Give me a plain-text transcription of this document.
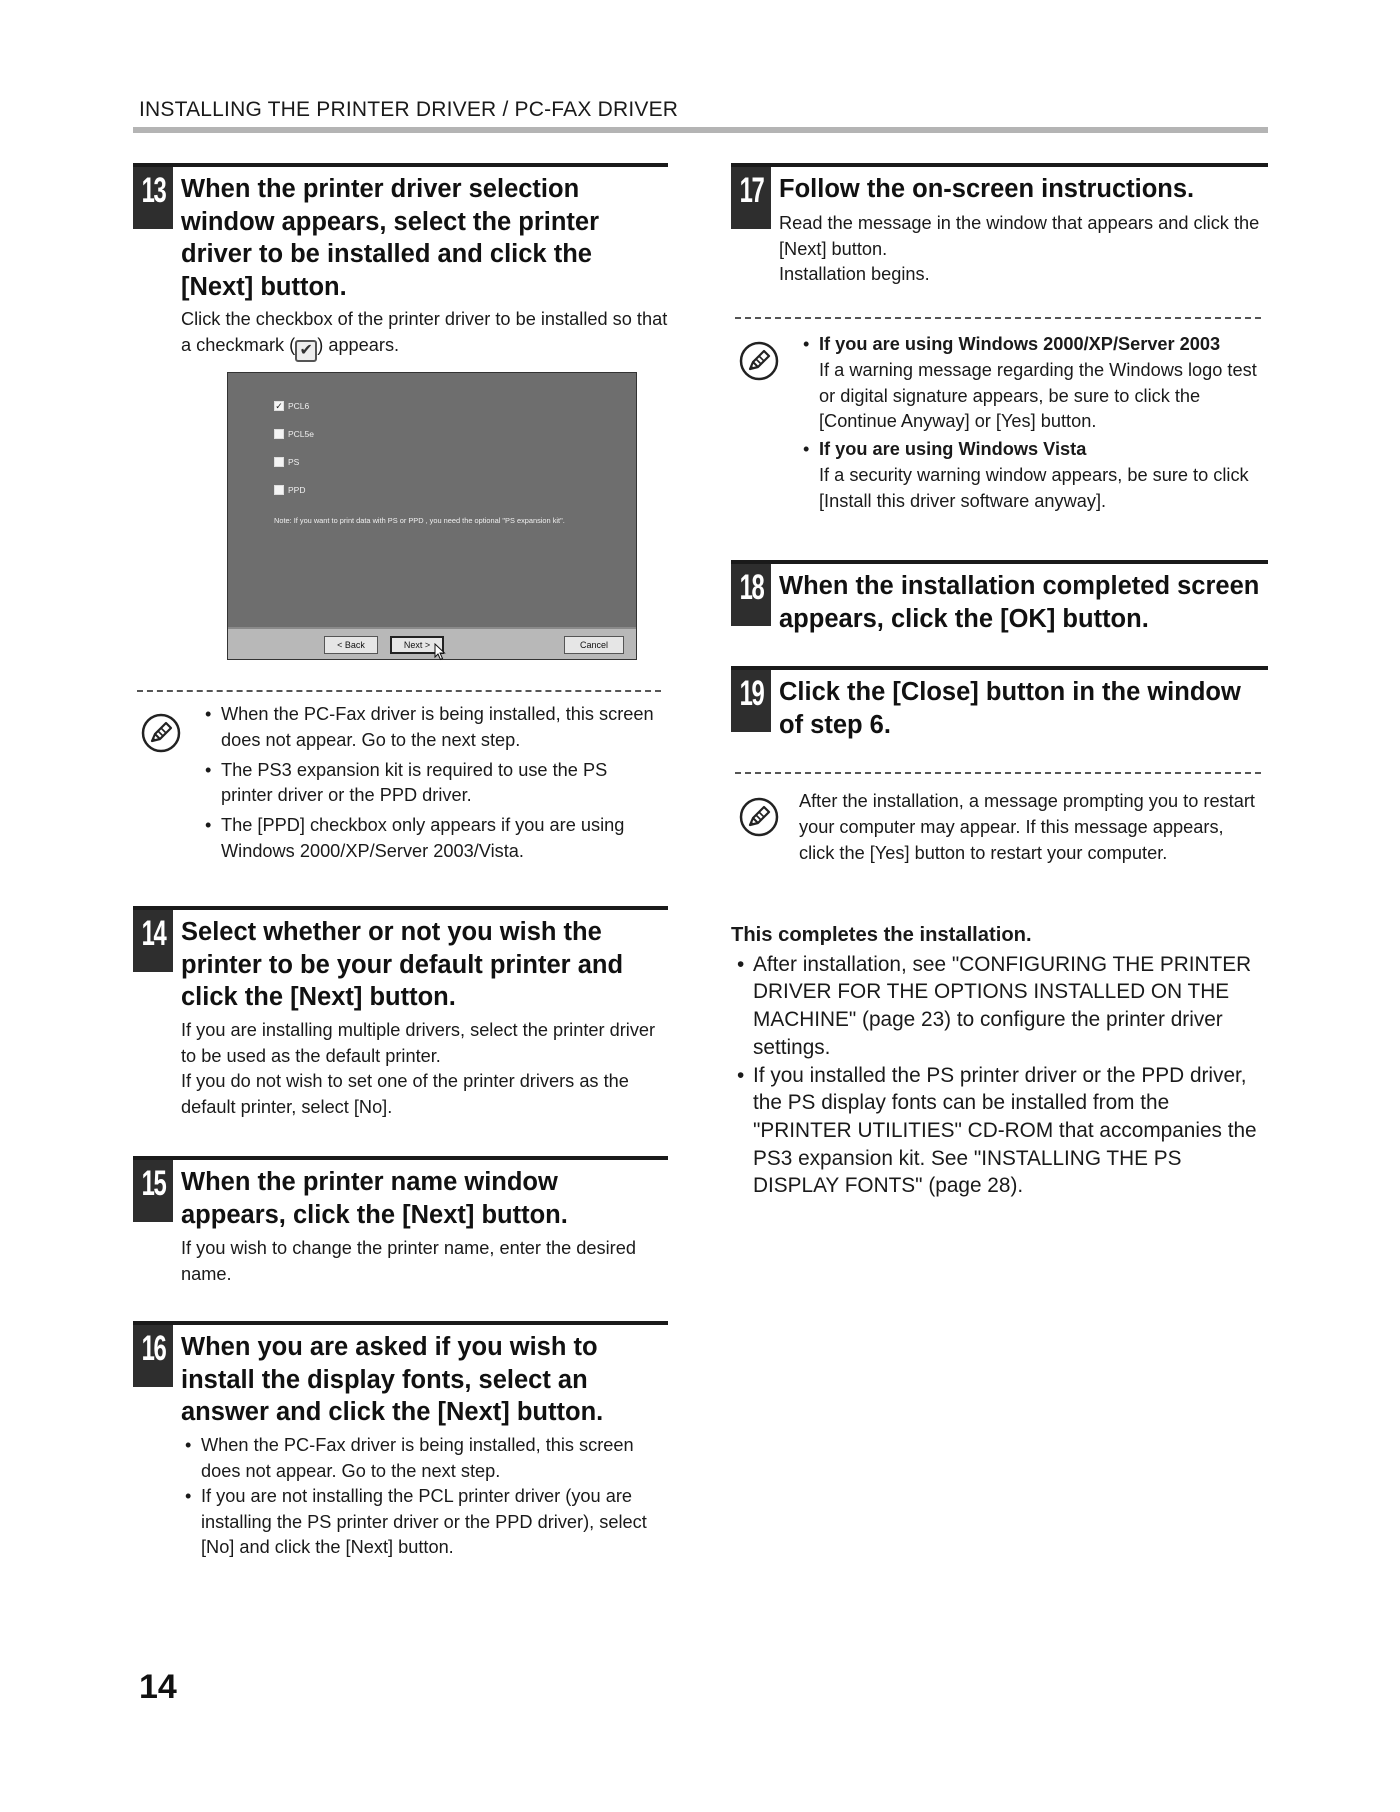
INSTALLING THE PRINTER DRIVER / PC-FAX DRIVER
13 When the printer driver selection window appears, select the printer driver to be installed and click the [Next] button.
Click the checkbox of the printer driver to be installed so that a checkmark ( ✔ ) appears.
✓ PCL6
PCL5e
PS
PPD
Note: If you want to print data with PS or PPD , you need the optional "PS expansion kit".
< Back	Next >	Cancel
• When the PC-Fax driver is being installed, this screen does not appear. Go to the next step.
• The PS3 expansion kit is required to use the PS printer driver or the PPD driver.
• The [PPD] checkbox only appears if you are using Windows 2000/XP/Server 2003/Vista.
14 Select whether or not you wish the printer to be your default printer and click the [Next] button.
If you are installing multiple drivers, select the printer driver to be used as the default printer.
If you do not wish to set one of the printer drivers as the default printer, select [No].
15 When the printer name window appears, click the [Next] button.
If you wish to change the printer name, enter the desired name.
16 When you are asked if you wish to install the display fonts, select an answer and click the [Next] button.
• When the PC-Fax driver is being installed, this screen does not appear. Go to the next step.
• If you are not installing the PCL printer driver (you are installing the PS printer driver or the PPD driver), select [No] and click the [Next] button.
17 Follow the on-screen instructions.
Read the message in the window that appears and click the [Next] button.
Installation begins.
18 When the installation completed screen appears, click the [OK] button.
19 Click the [Close] button in the window of step 6.
• If you are using Windows 2000/XP/Server 2003
If a warning message regarding the Windows logo test or digital signature appears, be sure to click the [Continue Anyway] or [Yes] button.
• If you are using Windows Vista
If a security warning window appears, be sure to click [Install this driver software anyway].
After the installation, a message prompting you to restart your computer may appear. If this message appears, click the [Yes] button to restart your computer.
This completes the installation.
• After installation, see "CONFIGURING THE PRINTER DRIVER FOR THE OPTIONS INSTALLED ON THE MACHINE" (page 23) to configure the printer driver settings.
• If you installed the PS printer driver or the PPD driver, the PS display fonts can be installed from the "PRINTER UTILITIES" CD-ROM that accompanies the PS3 expansion kit. See "INSTALLING THE PS DISPLAY FONTS" (page 28).
14
